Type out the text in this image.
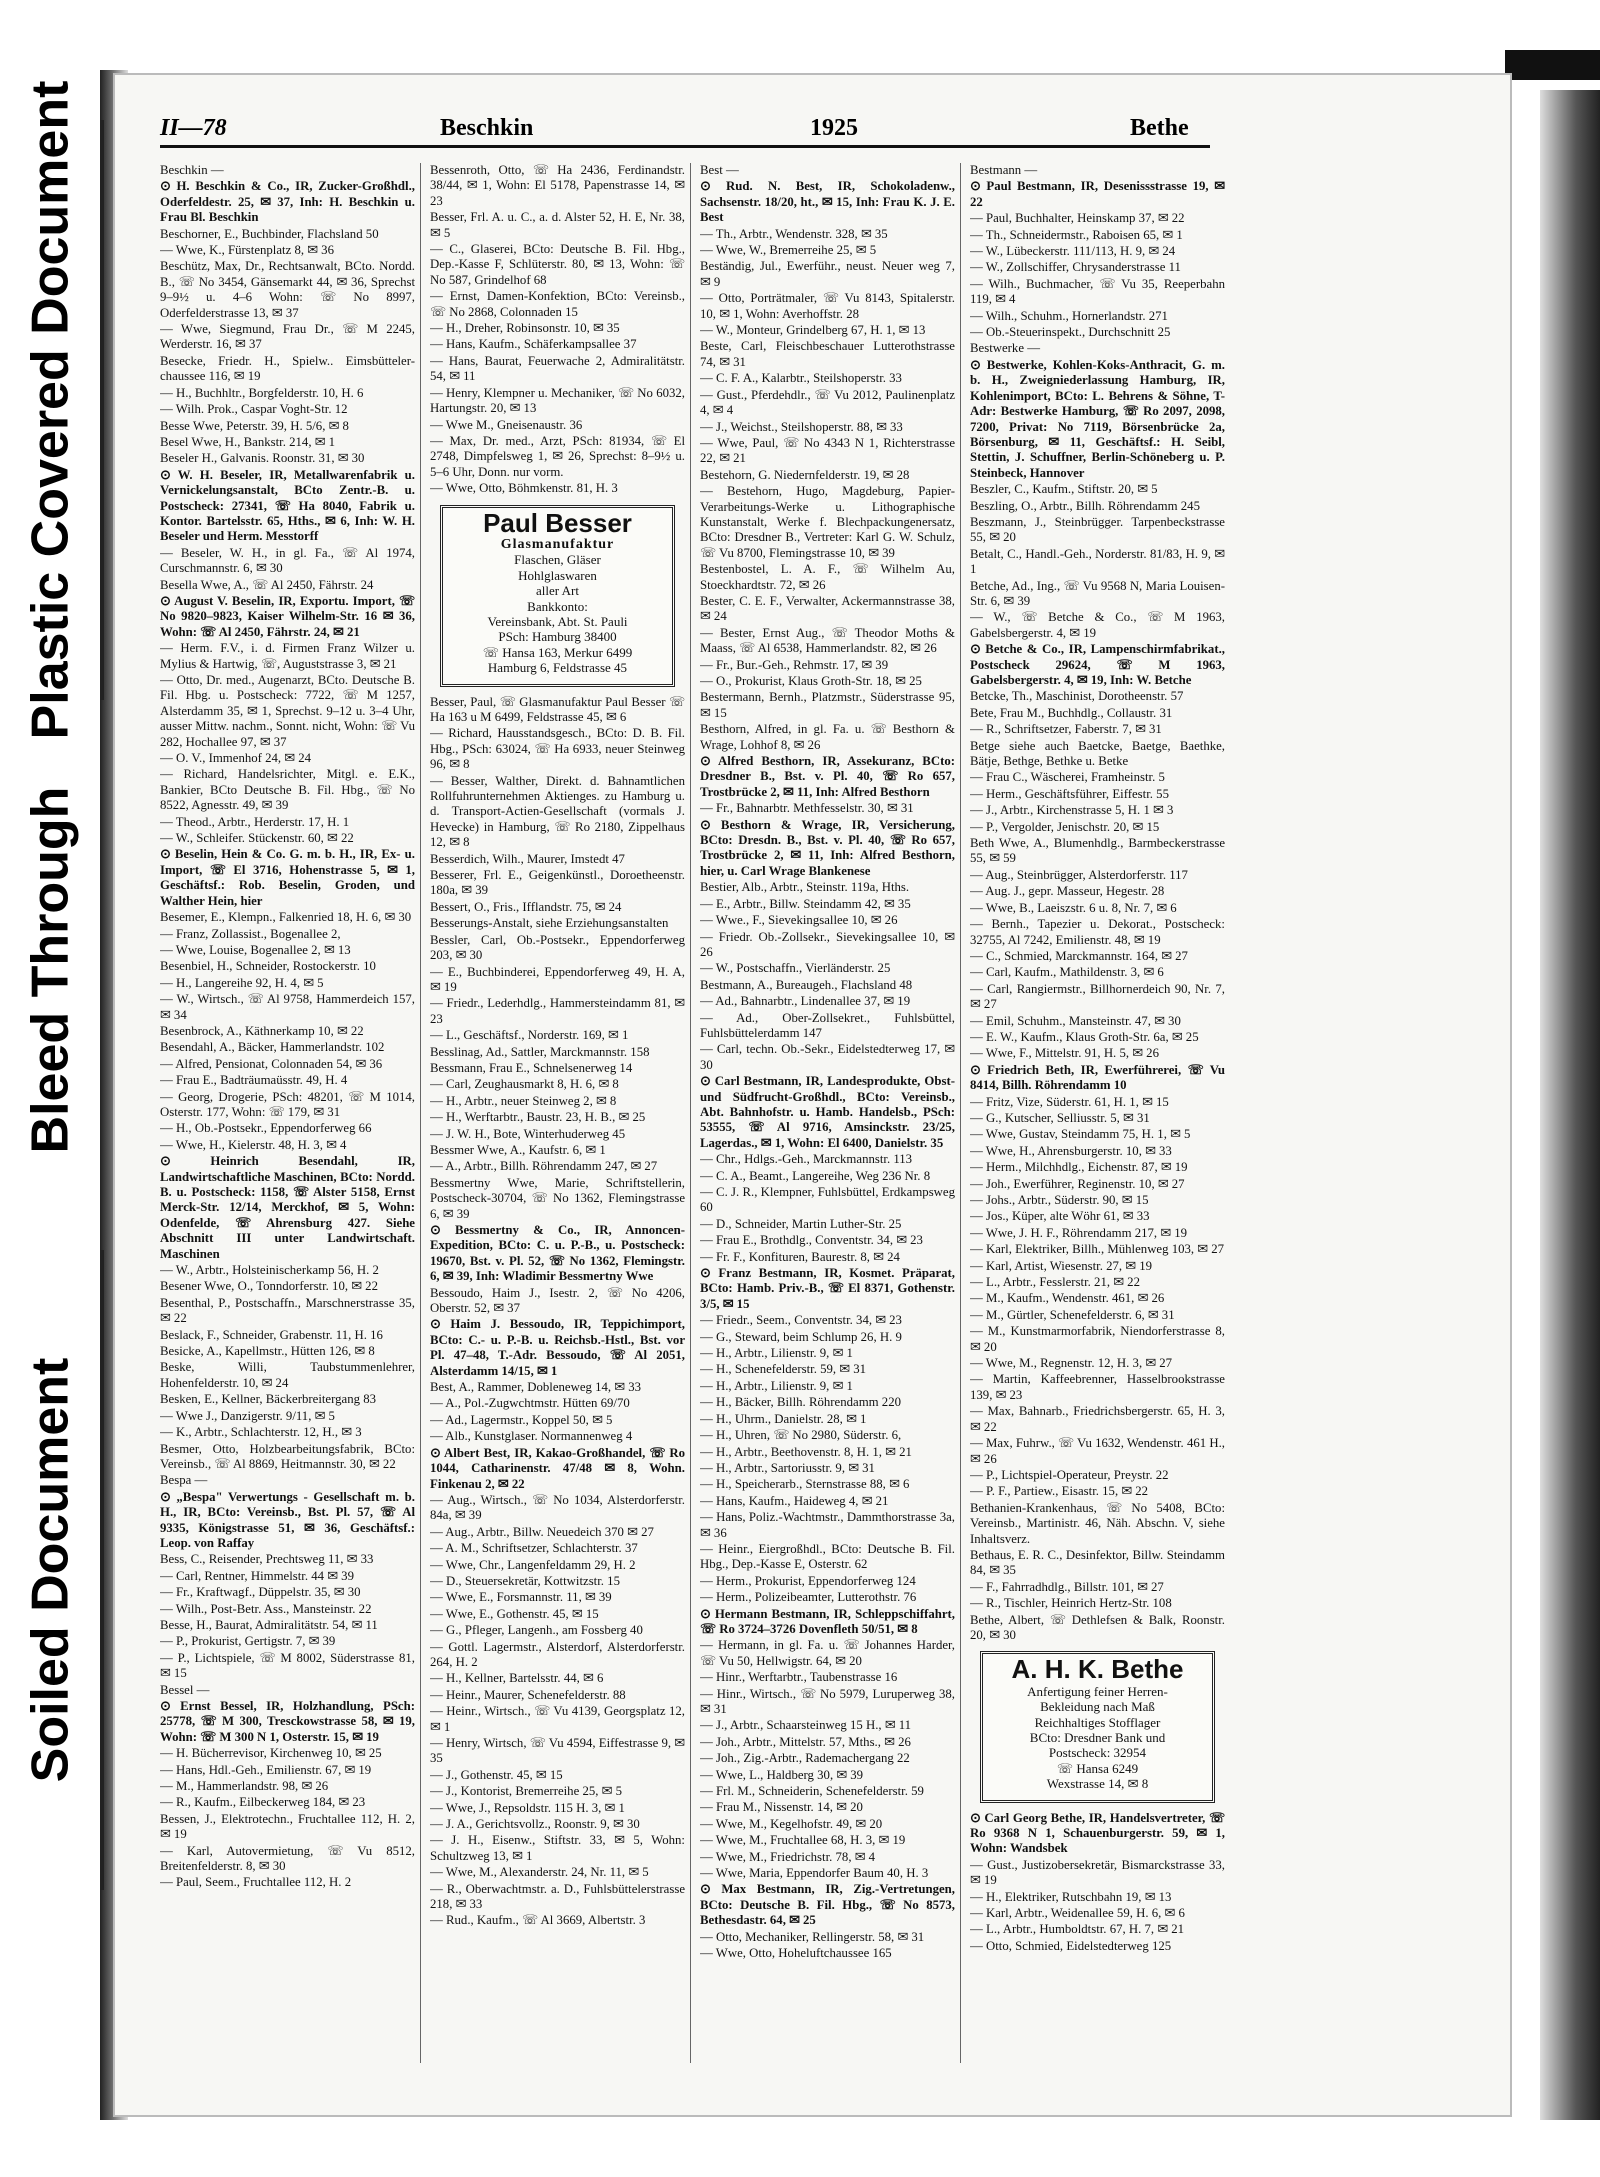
Plastic Covered Document
Bleed Through
Soiled Document
II—78	Beschkin	1925	Bethe
Beschkin —
⊙ H. Beschkin & Co., IR, Zucker-Großhdl., Oderfeldestr. 25, ✉ 37, Inh: H. Beschkin u. Frau Bl. Beschkin
Beschorner, E., Buchbinder, Flachsland 50
— Wwe, K., Fürstenplatz 8, ✉ 36
Beschütz, Max, Dr., Rechtsanwalt, BCto. Nordd. B., ☏ No 3454, Gänsemarkt 44, ✉ 36, Sprechst 9–9½ u. 4–6 Wohn: ☏ No 8997, Oderfelderstrasse 13, ✉ 37
— Wwe, Siegmund, Frau Dr., ☏ M 2245, Werderstr. 16, ✉ 37
Besecke, Friedr. H., Spielw.. Eimsbütteler-chaussee 116, ✉ 19
— H., Buchhltr., Borgfelderstr. 10, H. 6
— Wilh. Prok., Caspar Voght-Str. 12
Besse Wwe, Peterstr. 39, H. 5/6, ✉ 8
Besel Wwe, H., Bankstr. 214, ✉ 1
Beseler H., Galvanis. Roonstr. 31, ✉ 30
⊙ W. H. Beseler, IR, Metallwarenfabrik u. Vernickelungsanstalt, BCto Zentr.-B. u. Postscheck: 27341, ☏ Ha 8040, Fabrik u. Kontor. Bartelsstr. 65, Hths., ✉ 6, Inh: W. H. Beseler und Herm. Messtorff
— Beseler, W. H., in gl. Fa., ☏ Al 1974, Curschmannstr. 6, ✉ 30
Besella Wwe, A., ☏ Al 2450, Fährstr. 24
⊙ August V. Beselin, IR, Exportu. Import, ☏ No 9820–9823, Kaiser Wilhelm-Str. 16 ✉ 36, Wohn: ☏ Al 2450, Fährstr. 24, ✉ 21
— Herm. F.V., i. d. Firmen Franz Wilzer u. Mylius & Hartwig, ☏, Auguststrasse 3, ✉ 21
— Otto, Dr. med., Augenarzt, BCto. Deutsche B. Fil. Hbg. u. Postscheck: 7722, ☏ M 1257, Alsterdamm 35, ✉ 1, Sprechst. 9–12 u. 3–4 Uhr, ausser Mittw. nachm., Sonnt. nicht, Wohn: ☏ Vu 282, Hochallee 97, ✉ 37
— O. V., Immenhof 24, ✉ 24
— Richard, Handelsrichter, Mitgl. e. E.K., Bankier, BCto Deutsche B. Fil. Hbg., ☏ No 8522, Agnesstr. 49, ✉ 39
— Theod., Arbtr., Herderstr. 17, H. 1
— W., Schleifer. Stückenstr. 60, ✉ 22
⊙ Beselin, Hein & Co. G. m. b. H., IR, Ex- u. Import, ☏ El 3716, Hohenstrasse 5, ✉ 1, Geschäftsf.: Rob. Beselin, Groden, und Walther Hein, hier
Besemer, E., Klempn., Falkenried 18, H. 6, ✉ 30
— Franz, Zollassist., Bogenallee 2,
— Wwe, Louise, Bogenallee 2, ✉ 13
Besenbiel, H., Schneider, Rostockerstr. 10
— H., Langereihe 92, H. 4, ✉ 5
— W., Wirtsch., ☏ Al 9758, Hammerdeich 157, ✉ 34
Besenbrock, A., Käthnerkamp 10, ✉ 22
Besendahl, A., Bäcker, Hammerlandstr. 102
— Alfred, Pensionat, Colonnaden 54, ✉ 36
— Frau E., Badträumaüsstr. 49, H. 4
— Georg, Drogerie, PSch: 48201, ☏ M 1014, Osterstr. 177, Wohn: ☏ 179, ✉ 31
— H., Ob.-Postsekr., Eppendorferweg 66
— Wwe, H., Kielerstr. 48, H. 3, ✉ 4
⊙ Heinrich Besendahl, IR, Landwirtschaftliche Maschinen, BCto: Nordd. B. u. Postscheck: 1158, ☏ Alster 5158, Ernst Merck-Str. 12/14, Merckhof, ✉ 5, Wohn: Odenfelde, ☏ Ahrensburg 427. Siehe Abschnitt III unter Landwirtschaft. Maschinen
— W., Arbtr., Holsteinischerkamp 56, H. 2
Besener Wwe, O., Tonndorferstr. 10, ✉ 22
Besenthal, P., Postschaffn., Marschnerstrasse 35, ✉ 22
Beslack, F., Schneider, Grabenstr. 11, H. 16
Besicke, A., Kapellmstr., Hütten 126, ✉ 8
Beske, Willi, Taubstummenlehrer, Hohenfelderstr. 10, ✉ 24
Besken, E., Kellner, Bäckerbreitergang 83
— Wwe J., Danzigerstr. 9/11, ✉ 5
— K., Arbtr., Schlachterstr. 12, H., ✉ 3
Besmer, Otto, Holzbearbeitungsfabrik, BCto: Vereinsb., ☏ Al 8869, Heitmannstr. 30, ✉ 22
Bespa —
⊙ „Bespa" Verwertungs - Gesellschaft m. b. H., IR, BCto: Vereinsb., Bst. Pl. 57, ☏ Al 9335, Königstrasse 51, ✉ 36, Geschäftsf.: Leop. von Raffay
Bess, C., Reisender, Prechtsweg 11, ✉ 33
— Carl, Rentner, Himmelstr. 44 ✉ 39
— Fr., Kraftwagf., Düppelstr. 35, ✉ 30
— Wilh., Post-Betr. Ass., Mansteinstr. 22
Besse, H., Baurat, Admiralitätstr. 54, ✉ 11
— P., Prokurist, Gertigstr. 7, ✉ 39
— P., Lichtspiele, ☏ M 8002, Süderstrasse 81, ✉ 15
Bessel —
⊙ Ernst Bessel, IR, Holzhandlung, PSch: 25778, ☏ M 300, Tresckowstrasse 58, ✉ 19, Wohn: ☏ M 300 N 1, Osterstr. 15, ✉ 19
— H. Bücherrevisor, Kirchenweg 10, ✉ 25
— Hans, Hdl.-Geh., Emilienstr. 67, ✉ 19
— M., Hammerlandstr. 98, ✉ 26
— R., Kaufm., Eilbeckerweg 184, ✉ 23
Bessen, J., Elektrotechn., Fruchtallee 112, H. 2, ✉ 19
— Karl, Autovermietung, ☏ Vu 8512, Breitenfelderstr. 8, ✉ 30
— Paul, Seem., Fruchtallee 112, H. 2
Bessenroth, Otto, ☏ Ha 2436, Ferdinandstr. 38/44, ✉ 1, Wohn: El 5178, Papenstrasse 14, ✉ 23
Besser, Frl. A. u. C., a. d. Alster 52, H. E, Nr. 38, ✉ 5
— C., Glaserei, BCto: Deutsche B. Fil. Hbg., Dep.-Kasse F, Schlüterstr. 80, ✉ 13, Wohn: ☏ No 587, Grindelhof 68
— Ernst, Damen-Konfektion, BCto: Vereinsb., ☏ No 2868, Colonnaden 15
— H., Dreher, Robinsonstr. 10, ✉ 35
— Hans, Kaufm., Schäferkampsallee 37
— Hans, Baurat, Feuerwache 2, Admiralitätstr. 54, ✉ 11
— Henry, Klempner u. Mechaniker, ☏ No 6032, Hartungstr. 20, ✉ 13
— Wwe M., Gneisenaustr. 36
— Max, Dr. med., Arzt, PSch: 81934, ☏ El 2748, Dimpfelsweg 1, ✉ 26, Sprechst: 8–9½ u. 5–6 Uhr, Donn. nur vorm.
— Wwe, Otto, Böhmkenstr. 81, H. 3
Paul Besser
Glasmanufaktur
Flaschen, Gläser
Hohlglaswaren
aller Art
Bankkonto:
Vereinsbank, Abt. St. Pauli
PSch: Hamburg 38400
☏ Hansa 163, Merkur 6499
Hamburg 6, Feldstrasse 45
Besser, Paul, ☏ Glasmanufaktur Paul Besser ☏ Ha 163 u M 6499, Feldstrasse 45, ✉ 6
— Richard, Hausstandsgesch., BCto: D. B. Fil. Hbg., PSch: 63024, ☏ Ha 6933, neuer Steinweg 96, ✉ 8
— Besser, Walther, Direkt. d. Bahnamtlichen Rollfuhrunternehmen Aktienges. zu Hamburg u. d. Transport-Actien-Gesellschaft (vormals J. Hevecke) in Hamburg, ☏ Ro 2180, Zippelhaus 12, ✉ 8
Besserdich, Wilh., Maurer, Imstedt 47
Besserer, Frl. E., Geigenkünstl., Doroetheenstr. 180a, ✉ 39
Bessert, O., Fris., Ifflandstr. 75, ✉ 24
Besserungs-Anstalt, siehe Erziehungsanstalten
Bessler, Carl, Ob.-Postsekr., Eppendorferweg 203, ✉ 30
— E., Buchbinderei, Eppendorferweg 49, H. A, ✉ 19
— Friedr., Lederhdlg., Hammersteindamm 81, ✉ 23
— L., Geschäftsf., Norderstr. 169, ✉ 1
Besslinag, Ad., Sattler, Marckmannstr. 158
Bessmann, Frau E., Schnelsenerweg 14
— Carl, Zeughausmarkt 8, H. 6, ✉ 8
— H., Arbtr., neuer Steinweg 2, ✉ 8
— H., Werftarbtr., Baustr. 23, H. B., ✉ 25
— J. W. H., Bote, Winterhuderweg 45
Bessmer Wwe, A., Kaufstr. 6, ✉ 1
— A., Arbtr., Billh. Röhrendamm 247, ✉ 27
Bessmertny Wwe, Marie, Schriftstellerin, Postscheck-30704, ☏ No 1362, Flemingstrasse 6, ✉ 39
⊙ Bessmertny & Co., IR, Annoncen-Expedition, BCto: C. u. P.-B., u. Postscheck: 19670, Bst. v. Pl. 52, ☏ No 1362, Flemingstr. 6, ✉ 39, Inh: Wladimir Bessmertny Wwe
Bessoudo, Haim J., Isestr. 2, ☏ No 4206, Oberstr. 52, ✉ 37
⊙ Haim J. Bessoudo, IR, Teppichimport, BCto: C.- u. P.-B. u. Reichsb.-Hstl., Bst. vor Pl. 47–48, T.-Adr. Bessoudo, ☏ Al 2051, Alsterdamm 14/15, ✉ 1
Best, A., Rammer, Dobleneweg 14, ✉ 33
— A., Pol.-Zugwchtmstr. Hütten 69/70
— Ad., Lagermstr., Koppel 50, ✉ 5
— Alb., Kunstglaser. Normannenweg 4
⊙ Albert Best, IR, Kakao-Großhandel, ☏ Ro 1044, Catharinenstr. 47/48 ✉ 8, Wohn. Finkenau 2, ✉ 22
— Aug., Wirtsch., ☏ No 1034, Alsterdorferstr. 84a, ✉ 39
— Aug., Arbtr., Billw. Neuedeich 370 ✉ 27
— A. M., Schriftsetzer, Schlachterstr. 37
— Wwe, Chr., Langenfeldamm 29, H. 2
— D., Steuersekretär, Kottwitzstr. 15
— Wwe, E., Forsmannstr. 11, ✉ 39
— Wwe, E., Gothenstr. 45, ✉ 15
— G., Pfleger, Langenh., am Fossberg 40
— Gottl. Lagermstr., Alsterdorf, Alsterdorferstr. 264, H. 2
— H., Kellner, Bartelsstr. 44, ✉ 6
— Heinr., Maurer, Schenefelderstr. 88
— Heinr., Wirtsch., ☏ Vu 4139, Georgsplatz 12, ✉ 1
— Henry, Wirtsch, ☏ Vu 4594, Eiffestrasse 9, ✉ 35
— J., Gothenstr. 45, ✉ 15
— J., Kontorist, Bremerreihe 25, ✉ 5
— Wwe, J., Repsoldstr. 115 H. 3, ✉ 1
— J. A., Gerichtsvollz., Roonstr. 9, ✉ 30
— J. H., Eisenw., Stiftstr. 33, ✉ 5, Wohn: Schultzweg 13, ✉ 1
— Wwe, M., Alexanderstr. 24, Nr. 11, ✉ 5
— R., Oberwachtmstr. a. D., Fuhlsbüttelerstrasse 218, ✉ 33
— Rud., Kaufm., ☏ Al 3669, Albertstr. 3
Best —
⊙ Rud. N. Best, IR, Schokoladenw., Sachsenstr. 18/20, ht., ✉ 15, Inh: Frau K. J. E. Best
— Th., Arbtr., Wendenstr. 328, ✉ 35
— Wwe, W., Bremerreihe 25, ✉ 5
Beständig, Jul., Ewerführ., neust. Neuer weg 7, ✉ 9
— Otto, Porträtmaler, ☏ Vu 8143, Spitalerstr. 10, ✉ 1, Wohn: Averhoffstr. 28
— W., Monteur, Grindelberg 67, H. 1, ✉ 13
Beste, Carl, Fleischbeschauer Lutterothstrasse 74, ✉ 31
— C. F. A., Kalarbtr., Steilshoperstr. 33
— Gust., Pferdehdlr., ☏ Vu 2012, Paulinenplatz 4, ✉ 4
— J., Weichst., Steilshoperstr. 88, ✉ 33
— Wwe, Paul, ☏ No 4343 N 1, Richterstrasse 22, ✉ 21
Bestehorn, G. Niedernfelderstr. 19, ✉ 28
— Bestehorn, Hugo, Magdeburg, Papier-Verarbeitungs-Werke u. Lithographische Kunstanstalt, Werke f. Blechpackungenersatz, BCto: Dresdner B., Vertreter: Karl G. W. Schulz, ☏ Vu 8700, Flemingstrasse 10, ✉ 39
Bestenbostel, L. A. F., ☏ Wilhelm Au, Stoeckhardtstr. 72, ✉ 26
Bester, C. E. F., Verwalter, Ackermannstrasse 38, ✉ 24
— Bester, Ernst Aug., ☏ Theodor Moths & Maass, ☏ Al 6538, Hammerlandstr. 82, ✉ 26
— Fr., Bur.-Geh., Rehmstr. 17, ✉ 39
— O., Prokurist, Klaus Groth-Str. 18, ✉ 25
Bestermann, Bernh., Platzmstr., Süderstrasse 95, ✉ 15
Besthorn, Alfred, in gl. Fa. u. ☏ Besthorn & Wrage, Lohhof 8, ✉ 26
⊙ Alfred Besthorn, IR, Assekuranz, BCto: Dresdner B., Bst. v. Pl. 40, ☏ Ro 657, Trostbrücke 2, ✉ 11, Inh: Alfred Besthorn
— Fr., Bahnarbtr. Methfesselstr. 30, ✉ 31
⊙ Besthorn & Wrage, IR, Versicherung, BCto: Dresdn. B., Bst. v. Pl. 40, ☏ Ro 657, Trostbrücke 2, ✉ 11, Inh: Alfred Besthorn, hier, u. Carl Wrage Blankenese
Bestier, Alb., Arbtr., Steinstr. 119a, Hths.
— E., Arbtr., Billw. Steindamm 42, ✉ 35
— Wwe., F., Sievekingsallee 10, ✉ 26
— Friedr. Ob.-Zollsekr., Sievekingsallee 10, ✉ 26
— W., Postschaffn., Vierländerstr. 25
Bestmann, A., Bureaugeh., Flachsland 48
— Ad., Bahnarbtr., Lindenallee 37, ✉ 19
— Ad., Ober-Zollsekret., Fuhlsbüttel, Fuhlsbüttelerdamm 147
— Carl, techn. Ob.-Sekr., Eidelstedterweg 17, ✉ 30
⊙ Carl Bestmann, IR, Landesprodukte, Obst- und Südfrucht-Großhdl., BCto: Vereinsb., Abt. Bahnhofstr. u. Hamb. Handelsb., PSch: 53555, ☏ Al 9716, Amsinckstr. 23/25, Lagerdas., ✉ 1, Wohn: El 6400, Danielstr. 35
— Chr., Hdlgs.-Geh., Marckmannstr. 113
— C. A., Beamt., Langereihe, Weg 236 Nr. 8
— C. J. R., Klempner, Fuhlsbüttel, Erdkampsweg 60
— D., Schneider, Martin Luther-Str. 25
— Frau E., Brothdlg., Conventstr. 34, ✉ 23
— Fr. F., Konfituren, Baurestr. 8, ✉ 24
⊙ Franz Bestmann, IR, Kosmet. Präparat, BCto: Hamb. Priv.-B., ☏ El 8371, Gothenstr. 3/5, ✉ 15
— Friedr., Seem., Conventstr. 34, ✉ 23
— G., Steward, beim Schlump 26, H. 9
— H., Arbtr., Lilienstr. 9, ✉ 1
— H., Schenefelderstr. 59, ✉ 31
— H., Arbtr., Lilienstr. 9, ✉ 1
— H., Bäcker, Billh. Röhrendamm 220
— H., Uhrm., Danielstr. 28, ✉ 1
— H., Uhren, ☏ No 2980, Süderstr. 6,
— H., Arbtr., Beethovenstr. 8, H. 1, ✉ 21
— H., Arbtr., Sartoriusstr. 9, ✉ 31
— H., Speicherarb., Sternstrasse 88, ✉ 6
— Hans, Kaufm., Haideweg 4, ✉ 21
— Hans, Poliz.-Wachtmstr., Dammthorstrasse 3a, ✉ 36
— Heinr., Eiergroßhdl., BCto: Deutsche B. Fil. Hbg., Dep.-Kasse E, Osterstr. 62
— Herm., Prokurist, Eppendorferweg 124
— Herm., Polizeibeamter, Lutterothstr. 76
⊙ Hermann Bestmann, IR, Schleppschiffahrt, ☏ Ro 3724–3726 Dovenfleth 50/51, ✉ 8
— Hermann, in gl. Fa. u. ☏ Johannes Harder, ☏ Vu 50, Hellwigstr. 64, ✉ 20
— Hinr., Werftarbtr., Taubenstrasse 16
— Hinr., Wirtsch., ☏ No 5979, Luruperweg 38, ✉ 31
— J., Arbtr., Schaarsteinweg 15 H., ✉ 11
— Joh., Arbtr., Mittelstr. 57, Mths., ✉ 26
— Joh., Zig.-Arbtr., Rademachergang 22
— Wwe, L., Haldberg 30, ✉ 39
— Frl. M., Schneiderin, Schenefelderstr. 59
— Frau M., Nissenstr. 14, ✉ 20
— Wwe, M., Kegelhofstr. 49, ✉ 20
— Wwe, M., Fruchtallee 68, H. 3, ✉ 19
— Wwe, M., Friedrichstr. 78, ✉ 4
— Wwe, Maria, Eppendorfer Baum 40, H. 3
⊙ Max Bestmann, IR, Zig.-Vertretungen, BCto: Deutsche B. Fil. Hbg., ☏ No 8573, Bethesdastr. 64, ✉ 25
— Otto, Mechaniker, Rellingerstr. 58, ✉ 31
— Wwe, Otto, Hoheluftchaussee 165
Bestmann —
⊙ Paul Bestmann, IR, Desenissstrasse 19, ✉ 22
— Paul, Buchhalter, Heinskamp 37, ✉ 22
— Th., Schneidermstr., Raboisen 65, ✉ 1
— W., Lübeckerstr. 111/113, H. 9, ✉ 24
— W., Zollschiffer, Chrysanderstrasse 11
— Wilh., Buchmacher, ☏ Vu 35, Reeperbahn 119, ✉ 4
— Wilh., Schuhm., Hornerlandstr. 271
— Ob.-Steuerinspekt., Durchschnitt 25
Bestwerke —
⊙ Bestwerke, Kohlen-Koks-Anthracit, G. m. b. H., Zweigniederlassung Hamburg, IR, Kohlenimport, BCto: L. Behrens & Söhne, T-Adr: Bestwerke Hamburg, ☏ Ro 2097, 2098, 7200, Privat: No 7119, Börsenbrücke 2a, Börsenburg, ✉ 11, Geschäftsf.: H. Seibl, Stettin, J. Schuffner, Berlin-Schöneberg u. P. Steinbeck, Hannover
Beszler, C., Kaufm., Stiftstr. 20, ✉ 5
Beszling, O., Arbtr., Billh. Röhrendamm 245
Beszmann, J., Steinbrügger. Tarpenbeckstrasse 55, ✉ 20
Betalt, C., Handl.-Geh., Norderstr. 81/83, H. 9, ✉ 1
Betche, Ad., Ing., ☏ Vu 9568 N, Maria Louisen-Str. 6, ✉ 39
— W., ☏ Betche & Co., ☏ M 1963, Gabelsbergerstr. 4, ✉ 19
⊙ Betche & Co., IR, Lampenschirmfabrikat., Postscheck 29624, ☏ M 1963, Gabelsbergerstr. 4, ✉ 19, Inh: W. Betche
Betcke, Th., Maschinist, Dorotheenstr. 57
Bete, Frau M., Buchhdlg., Collaustr. 31
— R., Schriftsetzer, Faberstr. 7, ✉ 31
Betge siehe auch Baetcke, Baetge, Baethke, Bätje, Bethge, Bethke u. Betke
— Frau C., Wäscherei, Framheinstr. 5
— Herm., Geschäftsführer, Eiffestr. 55
— J., Arbtr., Kirchenstrasse 5, H. 1 ✉ 3
— P., Vergolder, Jenischstr. 20, ✉ 15
Beth Wwe, A., Blumenhdlg., Barmbeckerstrasse 55, ✉ 59
— Aug., Steinbrügger, Alsterdorferstr. 117
— Aug. J., gepr. Masseur, Hegestr. 28
— Wwe, B., Laeiszstr. 6 u. 8, Nr. 7, ✉ 6
— Bernh., Tapezier u. Dekorat., Postscheck: 32755, Al 7242, Emilienstr. 48, ✉ 19
— C., Schmied, Marckmannstr. 164, ✉ 27
— Carl, Kaufm., Mathildenstr. 3, ✉ 6
— Carl, Rangiermstr., Billhornerdeich 90, Nr. 7, ✉ 27
— Emil, Schuhm., Mansteinstr. 47, ✉ 30
— E. W., Kaufm., Klaus Groth-Str. 6a, ✉ 25
— Wwe, F., Mittelstr. 91, H. 5, ✉ 26
⊙ Friedrich Beth, IR, Ewerführerei, ☏ Vu 8414, Billh. Röhrendamm 10
— Fritz, Vize, Süderstr. 61, H. 1, ✉ 15
— G., Kutscher, Selliusstr. 5, ✉ 31
— Wwe, Gustav, Steindamm 75, H. 1, ✉ 5
— Wwe, H., Ahrensburgerstr. 10, ✉ 33
— Herm., Milchhdlg., Eichenstr. 87, ✉ 19
— Joh., Ewerführer, Reginenstr. 10, ✉ 27
— Johs., Arbtr., Süderstr. 90, ✉ 15
— Jos., Küper, alte Wöhr 61, ✉ 33
— Wwe, J. H. F., Röhrendamm 217, ✉ 19
— Karl, Elektriker, Billh., Mühlenweg 103, ✉ 27
— Karl, Artist, Wiesenstr. 27, ✉ 19
— L., Arbtr., Fesslerstr. 21, ✉ 22
— M., Kaufm., Wendenstr. 461, ✉ 26
— M., Gürtler, Schenefelderstr. 6, ✉ 31
— M., Kunstmarmorfabrik, Niendorferstrasse 8, ✉ 20
— Wwe, M., Regnenstr. 12, H. 3, ✉ 27
— Martin, Kaffeebrenner, Hasselbrookstrasse 139, ✉ 23
— Max, Bahnarb., Friedrichsbergerstr. 65, H. 3, ✉ 22
— Max, Fuhrw., ☏ Vu 1632, Wendenstr. 461 H., ✉ 26
— P., Lichtspiel-Operateur, Preystr. 22
— P. F., Partiew., Eisastr. 15, ✉ 22
Bethanien-Krankenhaus, ☏ No 5408, BCto: Vereinsb., Martinistr. 46, Näh. Abschn. V, siehe Inhaltsverz.
Bethaus, E. R. C., Desinfektor, Billw. Steindamm 84, ✉ 35
— F., Fahrradhdlg., Billstr. 101, ✉ 27
— R., Tischler, Heinrich Hertz-Str. 108
Bethe, Albert, ☏ Dethlefsen & Balk, Roonstr. 20, ✉ 30
A. H. K. Bethe
Anfertigung feiner Herren-
Bekleidung nach Maß
Reichhaltiges Stofflager
BCto: Dresdner Bank und
Postscheck: 32954
☏ Hansa 6249
Wexstrasse 14, ✉ 8
⊙ Carl Georg Bethe, IR, Handelsvertreter, ☏ Ro 9368 N 1, Schauenburgerstr. 59, ✉ 1, Wohn: Wandsbek
— Gust., Justizobersekretär, Bismarckstrasse 33, ✉ 19
— H., Elektriker, Rutschbahn 19, ✉ 13
— Karl, Arbtr., Weidenallee 59, H. 6, ✉ 6
— L., Arbtr., Humboldtstr. 67, H. 7, ✉ 21
— Otto, Schmied, Eidelstedterweg 125
